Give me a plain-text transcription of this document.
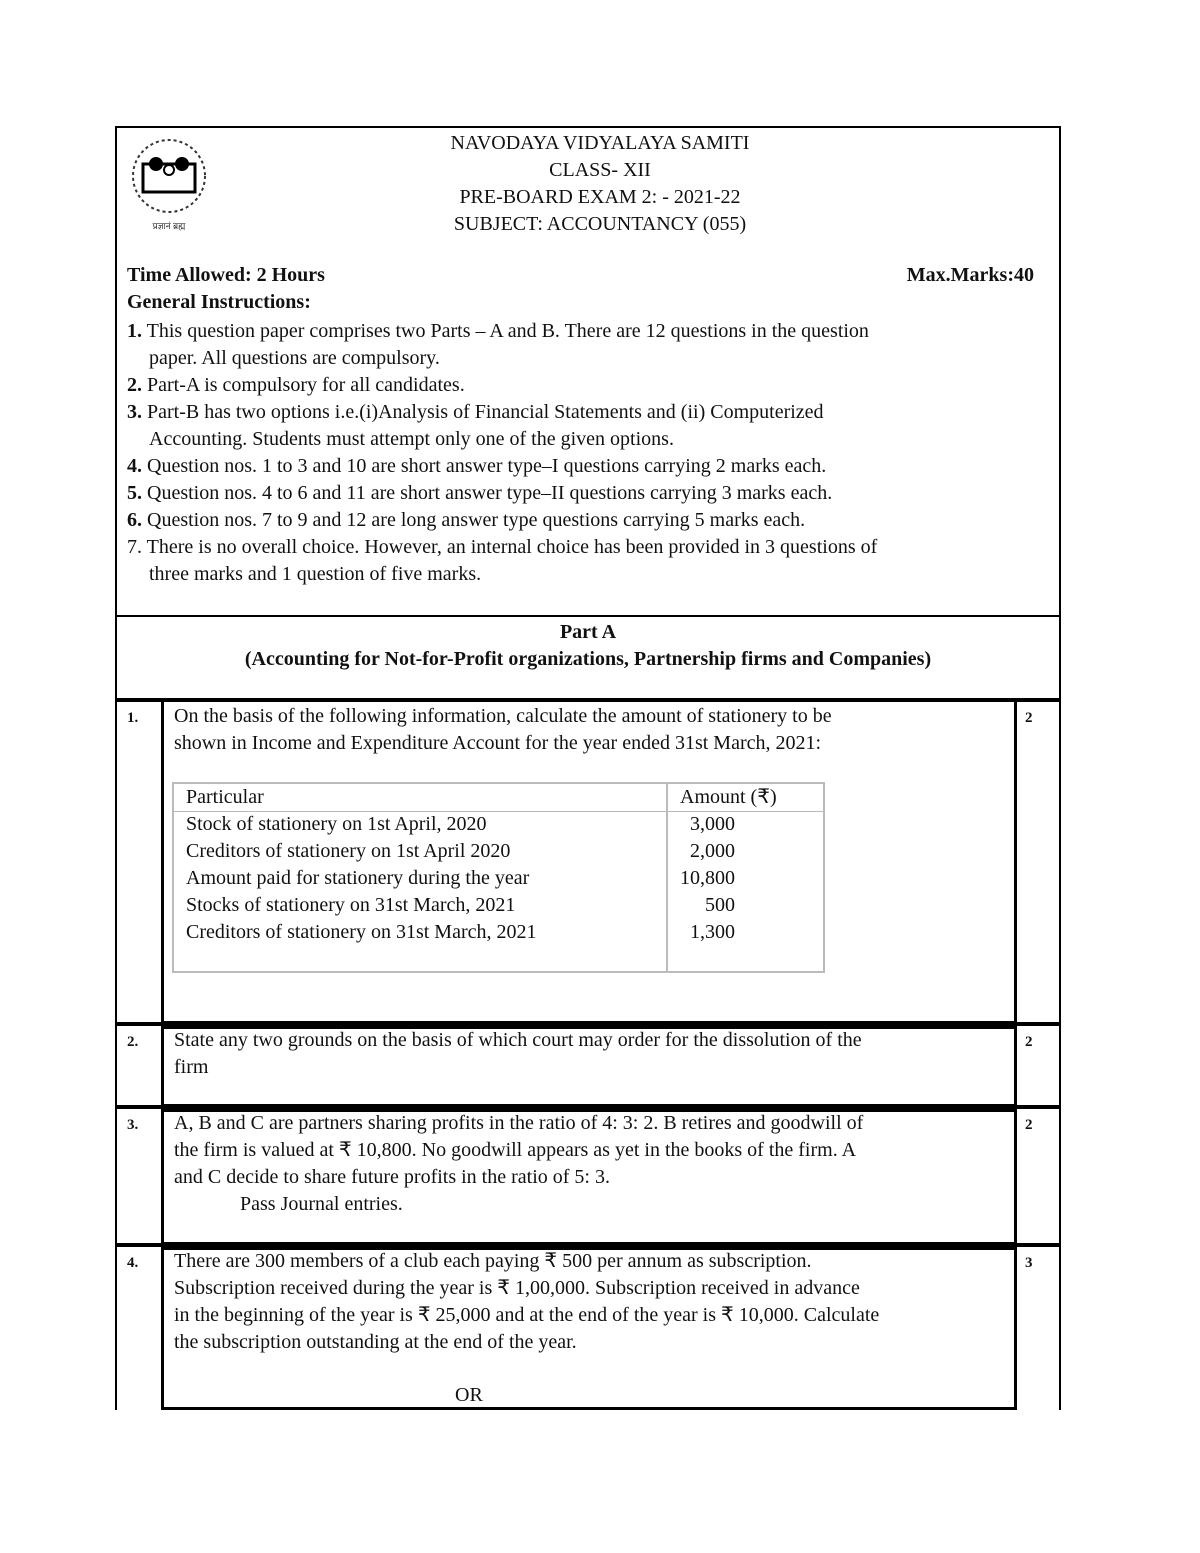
प्रज्ञानं ब्रह्म
NAVODAYA VIDYALAYA SAMITI
CLASS- XII
PRE-BOARD EXAM 2: - 2021-22
SUBJECT: ACCOUNTANCY (055)
Time Allowed: 2 Hours	Max.Marks:40
General Instructions:
1. This question paper comprises two Parts – A and B. There are 12 questions in the question
paper. All questions are compulsory.
2. Part-A is compulsory for all candidates.
3. Part-B has two options i.e.(i)Analysis of Financial Statements and (ii) Computerized
Accounting. Students must attempt only one of the given options.
4. Question nos. 1 to 3 and 10 are short answer type–I questions carrying 2 marks each.
5. Question nos. 4 to 6 and 11 are short answer type–II questions carrying 3 marks each.
6. Question nos. 7 to 9 and 12 are long answer type questions carrying 5 marks each.
7. There is no overall choice. However, an internal choice has been provided in 3 questions of
three marks and 1 question of five marks.
Part A
(Accounting for Not-for-Profit organizations, Partnership firms and Companies)
1.	2
On the basis of the following information, calculate the amount of stationery to be
shown in Income and Expenditure Account for the year ended 31st March, 2021:
Particular	Amount (₹)
Stock of stationery on 1st April, 2020	3,000
Creditors of stationery on 1st April 2020	2,000
Amount paid for stationery during the year	10,800
Stocks of stationery on 31st March, 2021	500
Creditors of stationery on 31st March, 2021	1,300
2.	2
State any two grounds on the basis of which court may order for the dissolution of the
firm
3.	2
A, B and C are partners sharing profits in the ratio of 4: 3: 2. B retires and goodwill of
the firm is valued at ₹ 10,800. No goodwill appears as yet in the books of the firm. A
and C decide to share future profits in the ratio of 5: 3.
Pass Journal entries.
4.	3
There are 300 members of a club each paying ₹ 500 per annum as subscription.
Subscription received during the year is ₹ 1,00,000. Subscription received in advance
in the beginning of the year is ₹ 25,000 and at the end of the year is ₹ 10,000. Calculate
the subscription outstanding at the end of the year.
OR
